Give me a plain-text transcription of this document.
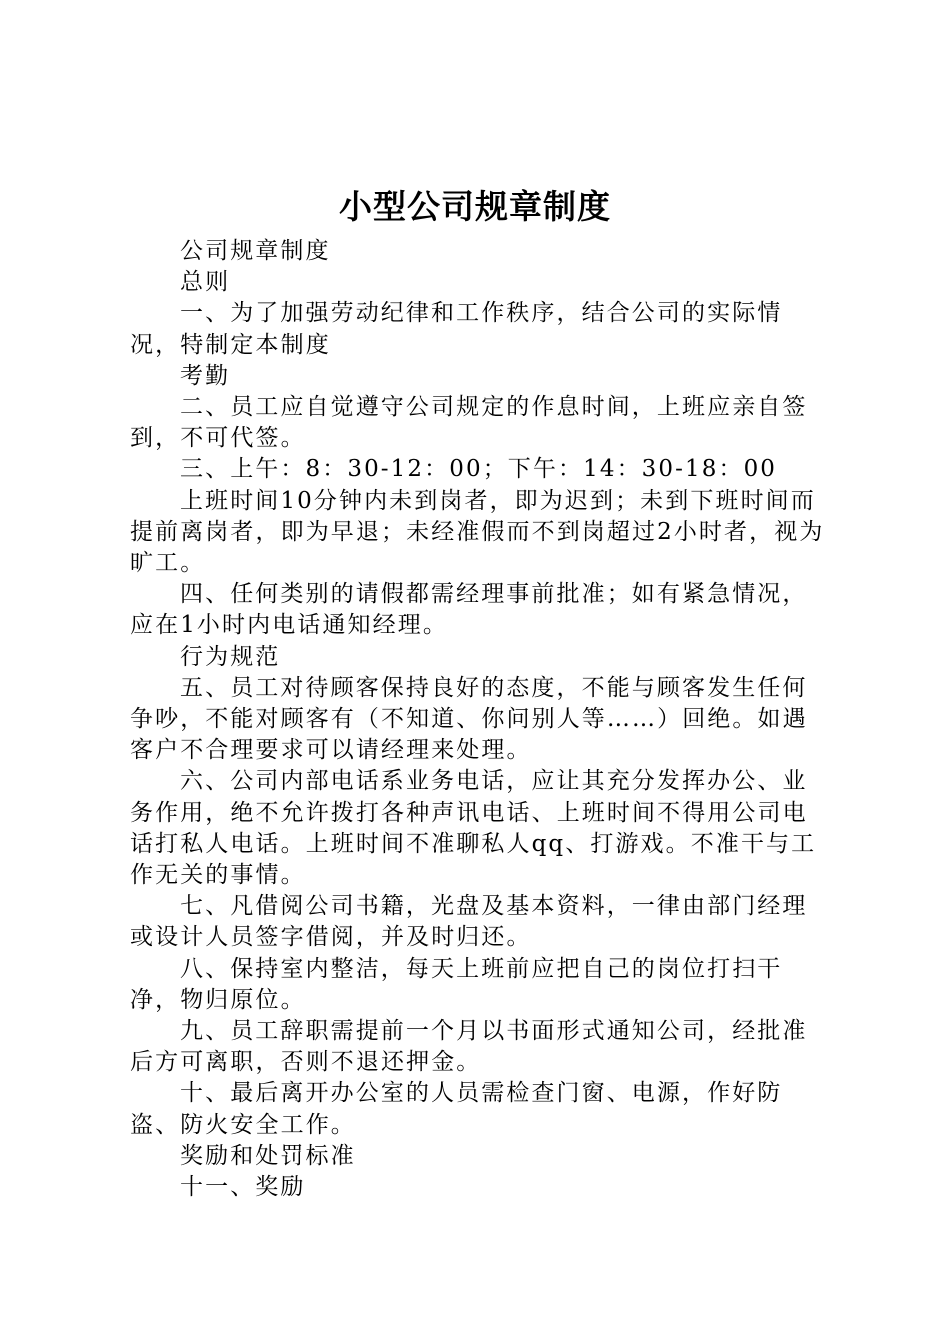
小型公司规章制度

公司规章制度

总则

一、为了加强劳动纪律和工作秩序，结合公司的实际情况，特制定本制度

考勤

二、员工应自觉遵守公司规定的作息时间，上班应亲自签到，不可代签。

三、上午：8：30-12：00；下午：14：30-18：00

上班时间10分钟内未到岗者，即为迟到；未到下班时间而提前离岗者，即为早退；未经准假而不到岗超过2小时者，视为旷工。

四、任何类别的请假都需经理事前批准；如有紧急情况，应在1小时内电话通知经理。

行为规范

五、员工对待顾客保持良好的态度，不能与顾客发生任何争吵，不能对顾客有（不知道、你问别人等……）回绝。如遇客户不合理要求可以请经理来处理。

六、公司内部电话系业务电话，应让其充分发挥办公、业务作用，绝不允许拨打各种声讯电话、上班时间不得用公司电话打私人电话。上班时间不准聊私人qq、打游戏。不准干与工作无关的事情。

七、凡借阅公司书籍，光盘及基本资料，一律由部门经理或设计人员签字借阅，并及时归还。

八、保持室内整洁，每天上班前应把自己的岗位打扫干净，物归原位。

九、员工辞职需提前一个月以书面形式通知公司，经批准后方可离职，否则不退还押金。

十、最后离开办公室的人员需检查门窗、电源，作好防盗、防火安全工作。

奖励和处罚标准

十一、奖励
